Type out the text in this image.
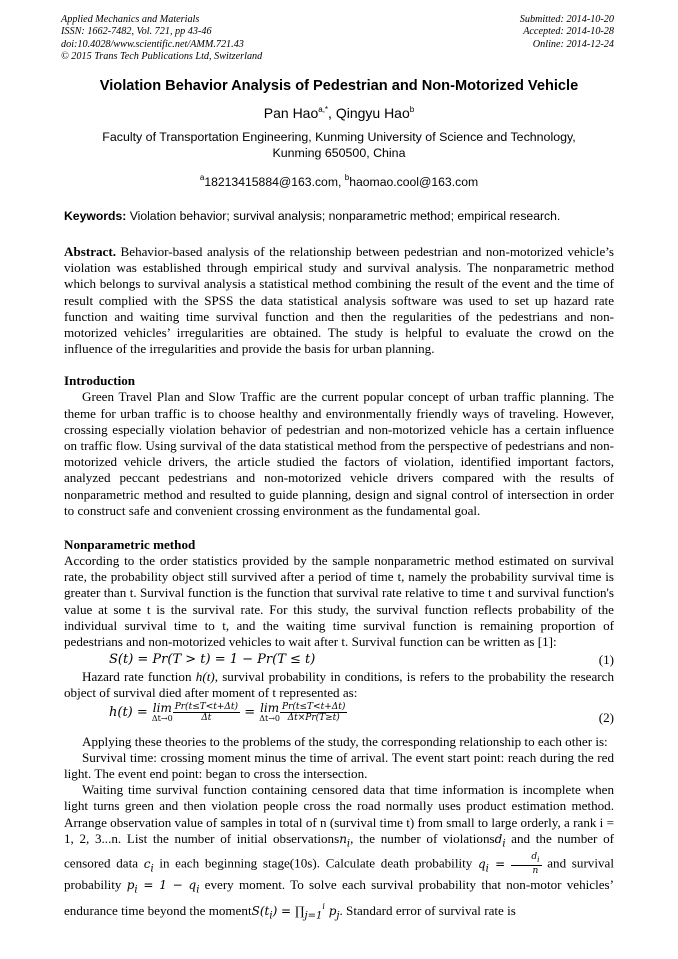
Applied Mechanics and Materials
ISSN: 1662-7482, Vol. 721, pp 43-46
doi:10.4028/www.scientific.net/AMM.721.43
© 2015 Trans Tech Publications Ltd, Switzerland
Submitted: 2014-10-20
Accepted: 2014-10-28
Online: 2014-12-24
Violation Behavior Analysis of Pedestrian and Non-Motorized Vehicle
Pan Hao$^{a,*}$, Qingyu Hao$^b$
Faculty of Transportation Engineering, Kunming University of Science and Technology,
Kunming 650500, China
$^a$18213415884@163.com, $^b$haomao.cool@163.com
Keywords: Violation behavior; survival analysis; nonparametric method; empirical research.

Abstract. Behavior-based analysis of the relationship between pedestrian and non-motorized vehicle’s violation was established through empirical study and survival analysis. The nonparametric method which belongs to survival analysis a statistical method combining the result of the event and the time of result complied with the SPSS the data statistical analysis software was used to set up hazard rate function and waiting time survival function and then the regularities of the pedestrians and non-motorized vehicles’ irregularities are obtained. The study is helpful to evaluate the crowd on the influence of the irregularities and provide the basis for urban planning.

Introduction

Green Travel Plan and Slow Traffic are the current popular concept of urban traffic planning. The theme for urban traffic is to choose healthy and environmentally friendly ways of traveling. However, crossing especially violation behavior of pedestrian and non-motorized vehicle has a certain influence on traffic flow. Using survival of the data statistical method from the perspective of pedestrians and non-motorized vehicle drivers, the article studied the factors of violation, identified important factors, analyzed peccant pedestrians and non-motorized vehicle drivers compared with the results of nonparametric method and resulted to guide planning, design and signal control of intersection in order to construct safe and convenient crossing environment as the fundamental goal.

Nonparametric method

According to the order statistics provided by the sample nonparametric method estimated on survival rate, the probability object still survived after a period of time t, namely the probability survival time is greater than t. Survival function is the function that survival rate relative to time t and survival function's value at some t is the survival rate. For this study, the survival function reflects probability of the individual survival time to t, and the waiting time survival function is remaining proportion of pedestrians and non-motorized vehicles to wait after t. Survival function can be written as [1]:

S(t) = Pr(T > t) = 1 − Pr(T ≤ t)	(1)

Hazard rate function h(t), survival probability in conditions, is refers to the probability the research object of survival died after moment of t represented as:

h(t) = lim
$\Delta t\to 0 \frac{Pr(t\le T<t+\Delta t)}{\Delta t} = \lim$
$\Delta t\to 0 \frac{Pr(t\le T<t+\Delta t)}{\Delta t\times Pr(T\ge t)}$	(2)

Applying these theories to the problems of the study, the corresponding relationship to each other is:

Survival time: crossing moment minus the time of arrival. The event start point: reach during the red light. The event end point: began to cross the intersection.

Waiting time survival function containing censored data that time information is incomplete when light turns green and then violation people cross the road normally uses product estimation method. Arrange observation value of samples in total of n (survival time t) from small to large orderly, a rank i = 1, 2, 3...n. List the number of initial observationsn$_i$, the number of violationsd$_i$ and the number of censored data $c_i$ in each beginning stage(10s). Calculate death probability $q_i = \frac{d_i}{n}$ and survival probability $p_i = 1 - q_i$ every moment. To solve each survival probability that non-motor vehicles’ endurance time beyond the $momentS(t_i)$ = $\prod_{j=1}^i$ $p_j$. Standard error of survival rate is
